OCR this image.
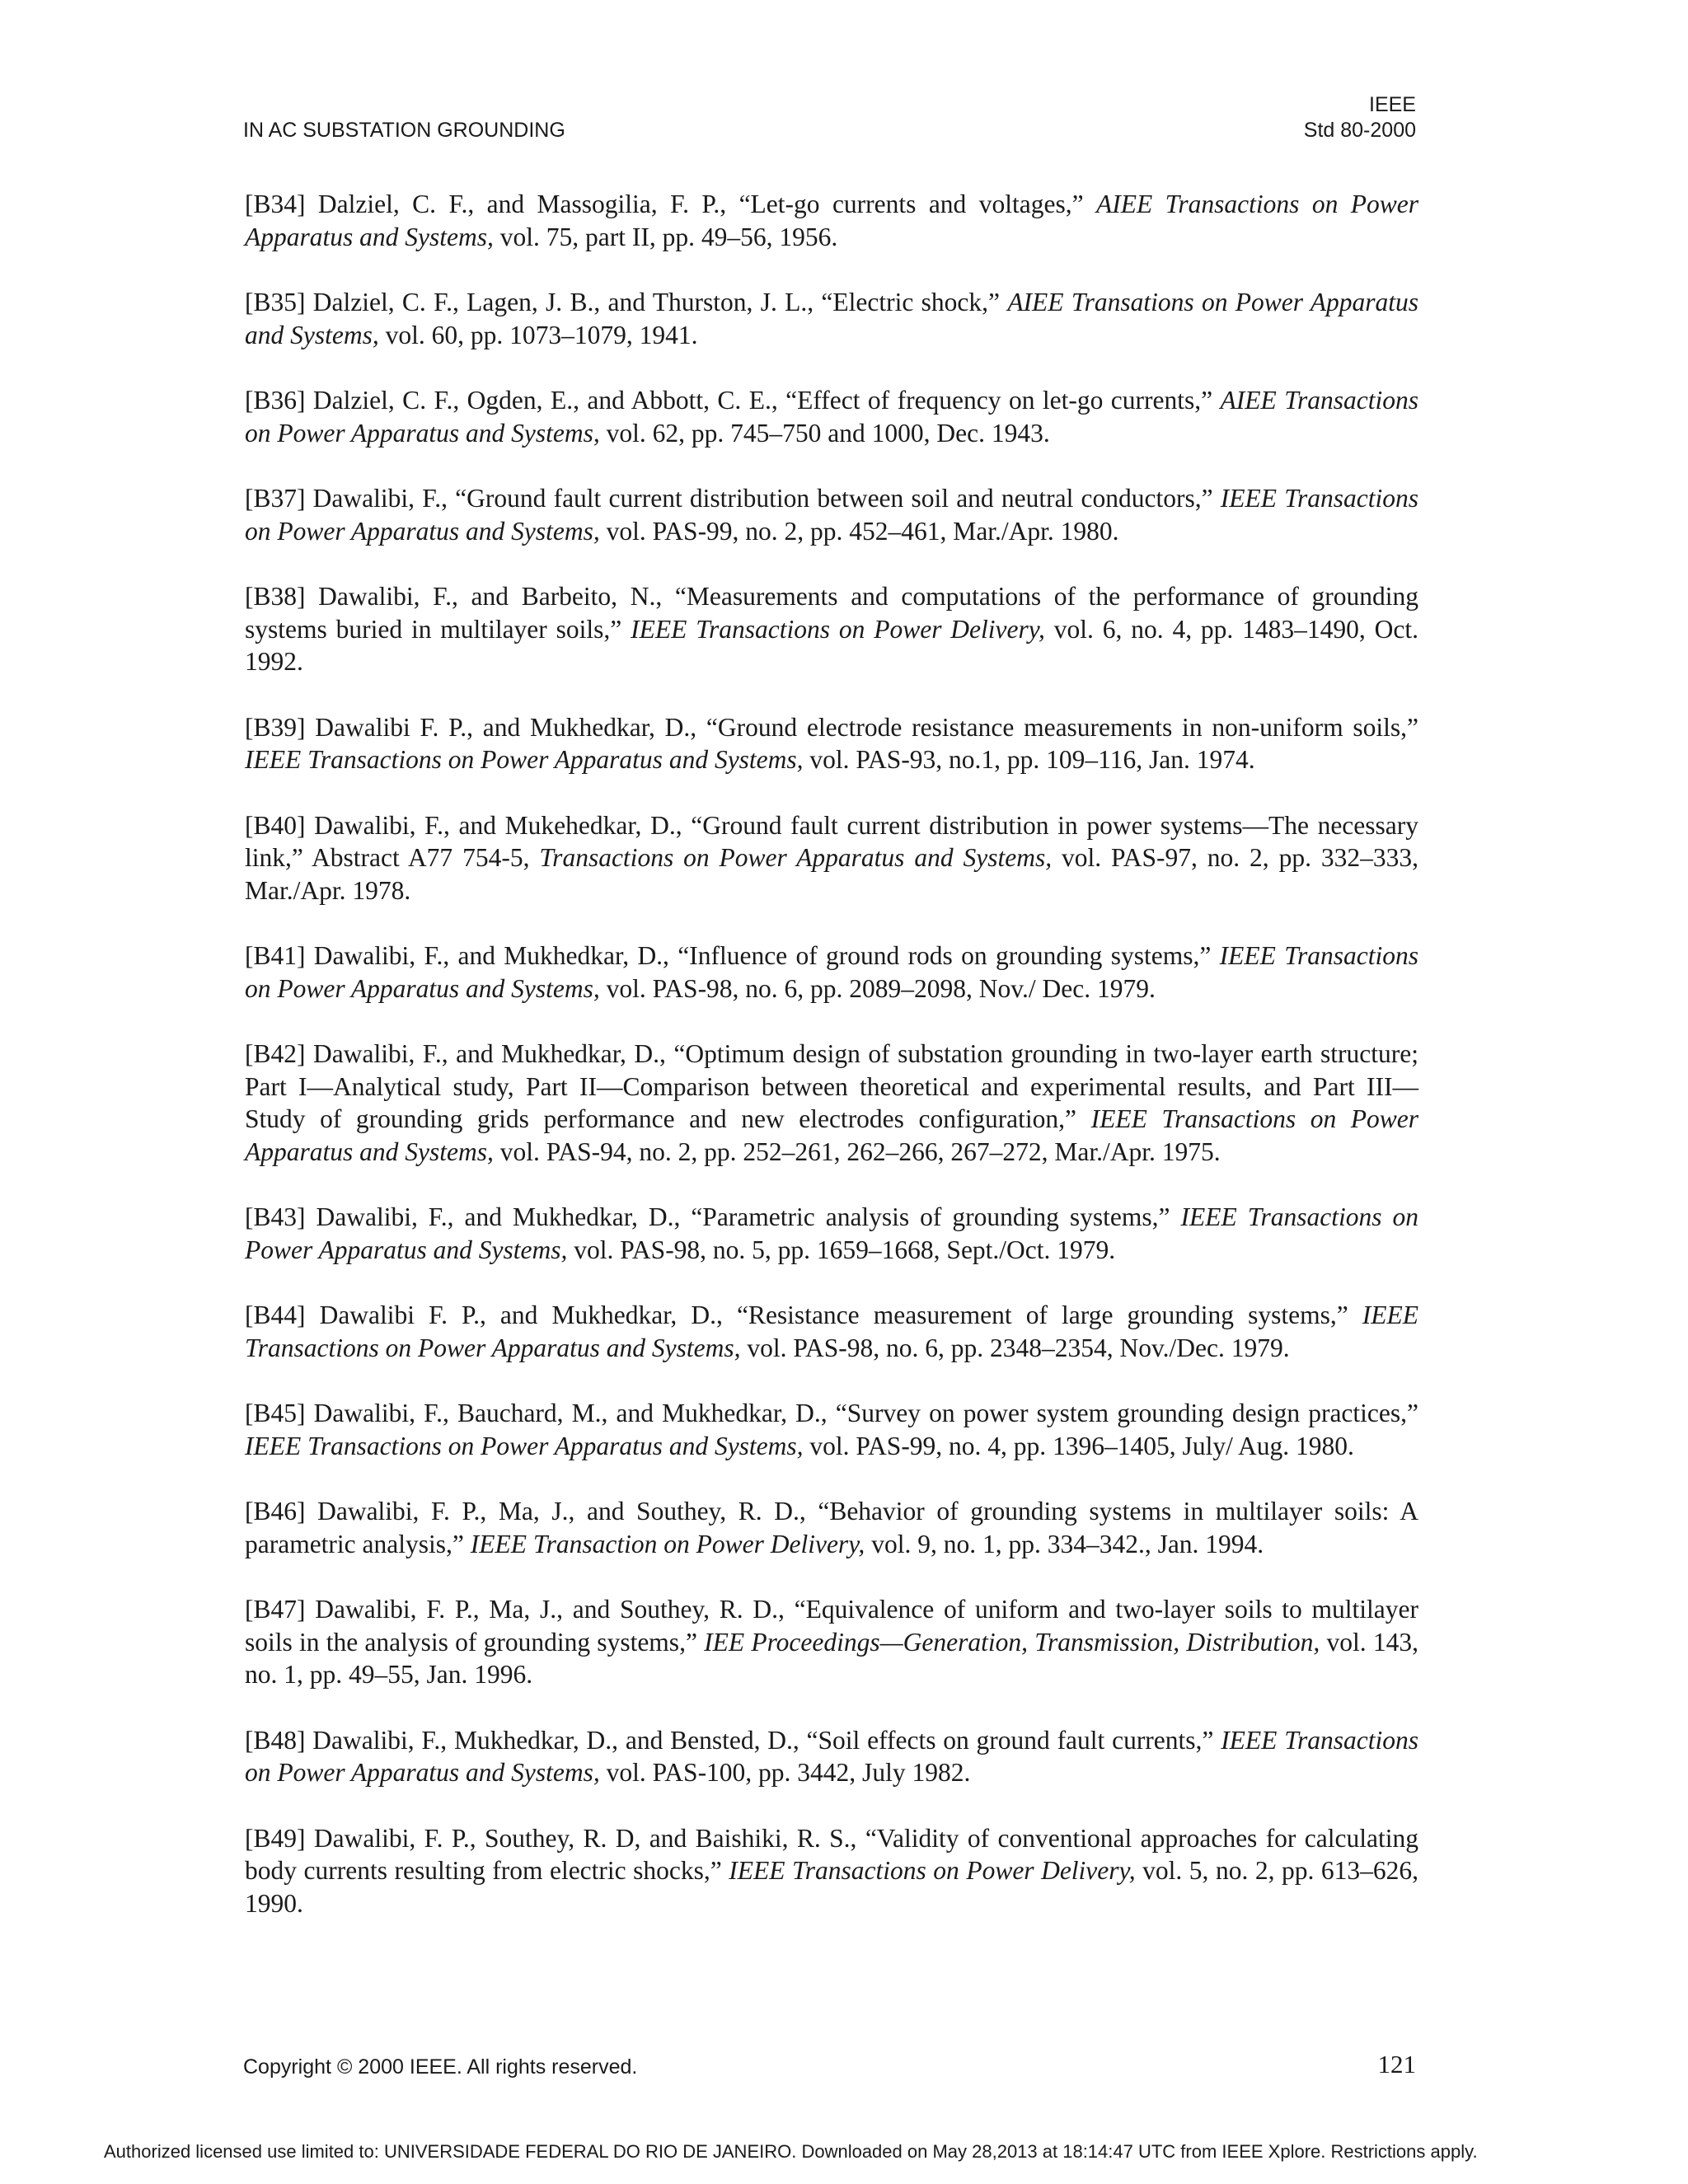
IN AC SUBSTATION GROUNDING
IEEE
Std 80-2000

[B34] Dalziel, C. F., and Massogilia, F. P., “Let-go currents and voltages,” AIEE Transactions on Power Apparatus and Systems, vol. 75, part II, pp. 49–56, 1956.

[B35] Dalziel, C. F., Lagen, J. B., and Thurston, J. L., “Electric shock,” AIEE Transations on Power Apparatus and Systems, vol. 60, pp. 1073–1079, 1941.

[B36] Dalziel, C. F., Ogden, E., and Abbott, C. E., “Effect of frequency on let-go currents,” AIEE Transactions on Power Apparatus and Systems, vol. 62, pp. 745–750 and 1000, Dec. 1943.

[B37] Dawalibi, F., “Ground fault current distribution between soil and neutral conductors,” IEEE Transactions on Power Apparatus and Systems, vol. PAS-99, no. 2, pp. 452–461, Mar./Apr. 1980.

[B38] Dawalibi, F., and Barbeito, N., “Measurements and computations of the performance of grounding systems buried in multilayer soils,” IEEE Transactions on Power Delivery, vol. 6, no. 4, pp. 1483–1490, Oct. 1992.

[B39] Dawalibi F. P., and Mukhedkar, D., “Ground electrode resistance measurements in non-uniform soils,” IEEE Transactions on Power Apparatus and Systems, vol. PAS-93, no.1, pp. 109–116, Jan. 1974.

[B40] Dawalibi, F., and Mukehedkar, D., “Ground fault current distribution in power systems—The necessary link,” Abstract A77 754-5, Transactions on Power Apparatus and Systems, vol. PAS-97, no. 2, pp. 332–333, Mar./Apr. 1978.

[B41] Dawalibi, F., and Mukhedkar, D., “Influence of ground rods on grounding systems,” IEEE Transactions on Power Apparatus and Systems, vol. PAS-98, no. 6, pp. 2089–2098, Nov./ Dec. 1979.

[B42] Dawalibi, F., and Mukhedkar, D., “Optimum design of substation grounding in two-layer earth structure; Part I—Analytical study, Part II—Comparison between theoretical and experimental results, and Part III— Study of grounding grids performance and new electrodes configuration,” IEEE Transactions on Power Apparatus and Systems, vol. PAS-94, no. 2, pp. 252–261, 262–266, 267–272, Mar./Apr. 1975.

[B43] Dawalibi, F., and Mukhedkar, D., “Parametric analysis of grounding systems,” IEEE Transactions on Power Apparatus and Systems, vol. PAS-98, no. 5, pp. 1659–1668, Sept./Oct. 1979.

[B44] Dawalibi F. P., and Mukhedkar, D., “Resistance measurement of large grounding systems,” IEEE Transactions on Power Apparatus and Systems, vol. PAS-98, no. 6, pp. 2348–2354, Nov./Dec. 1979.

[B45] Dawalibi, F., Bauchard, M., and Mukhedkar, D., “Survey on power system grounding design practices,” IEEE Transactions on Power Apparatus and Systems, vol. PAS-99, no. 4, pp. 1396–1405, July/ Aug. 1980.

[B46] Dawalibi, F. P., Ma, J., and Southey, R. D., “Behavior of grounding systems in multilayer soils: A parametric analysis,” IEEE Transaction on Power Delivery, vol. 9, no. 1, pp. 334–342., Jan. 1994.

[B47] Dawalibi, F. P., Ma, J., and Southey, R. D., “Equivalence of uniform and two-layer soils to multilayer soils in the analysis of grounding systems,” IEE Proceedings—Generation, Transmission, Distribution, vol. 143, no. 1, pp. 49–55, Jan. 1996.

[B48] Dawalibi, F., Mukhedkar, D., and Bensted, D., “Soil effects on ground fault currents,” IEEE Transactions on Power Apparatus and Systems, vol. PAS-100, pp. 3442, July 1982.

[B49] Dawalibi, F. P., Southey, R. D, and Baishiki, R. S., “Validity of conventional approaches for calculating body currents resulting from electric shocks,” IEEE Transactions on Power Delivery, vol. 5, no. 2, pp. 613–626, 1990.

Copyright © 2000 IEEE. All rights reserved.	121
Authorized licensed use limited to: UNIVERSIDADE FEDERAL DO RIO DE JANEIRO. Downloaded on May 28,2013 at 18:14:47 UTC from IEEE Xplore. Restrictions apply.
